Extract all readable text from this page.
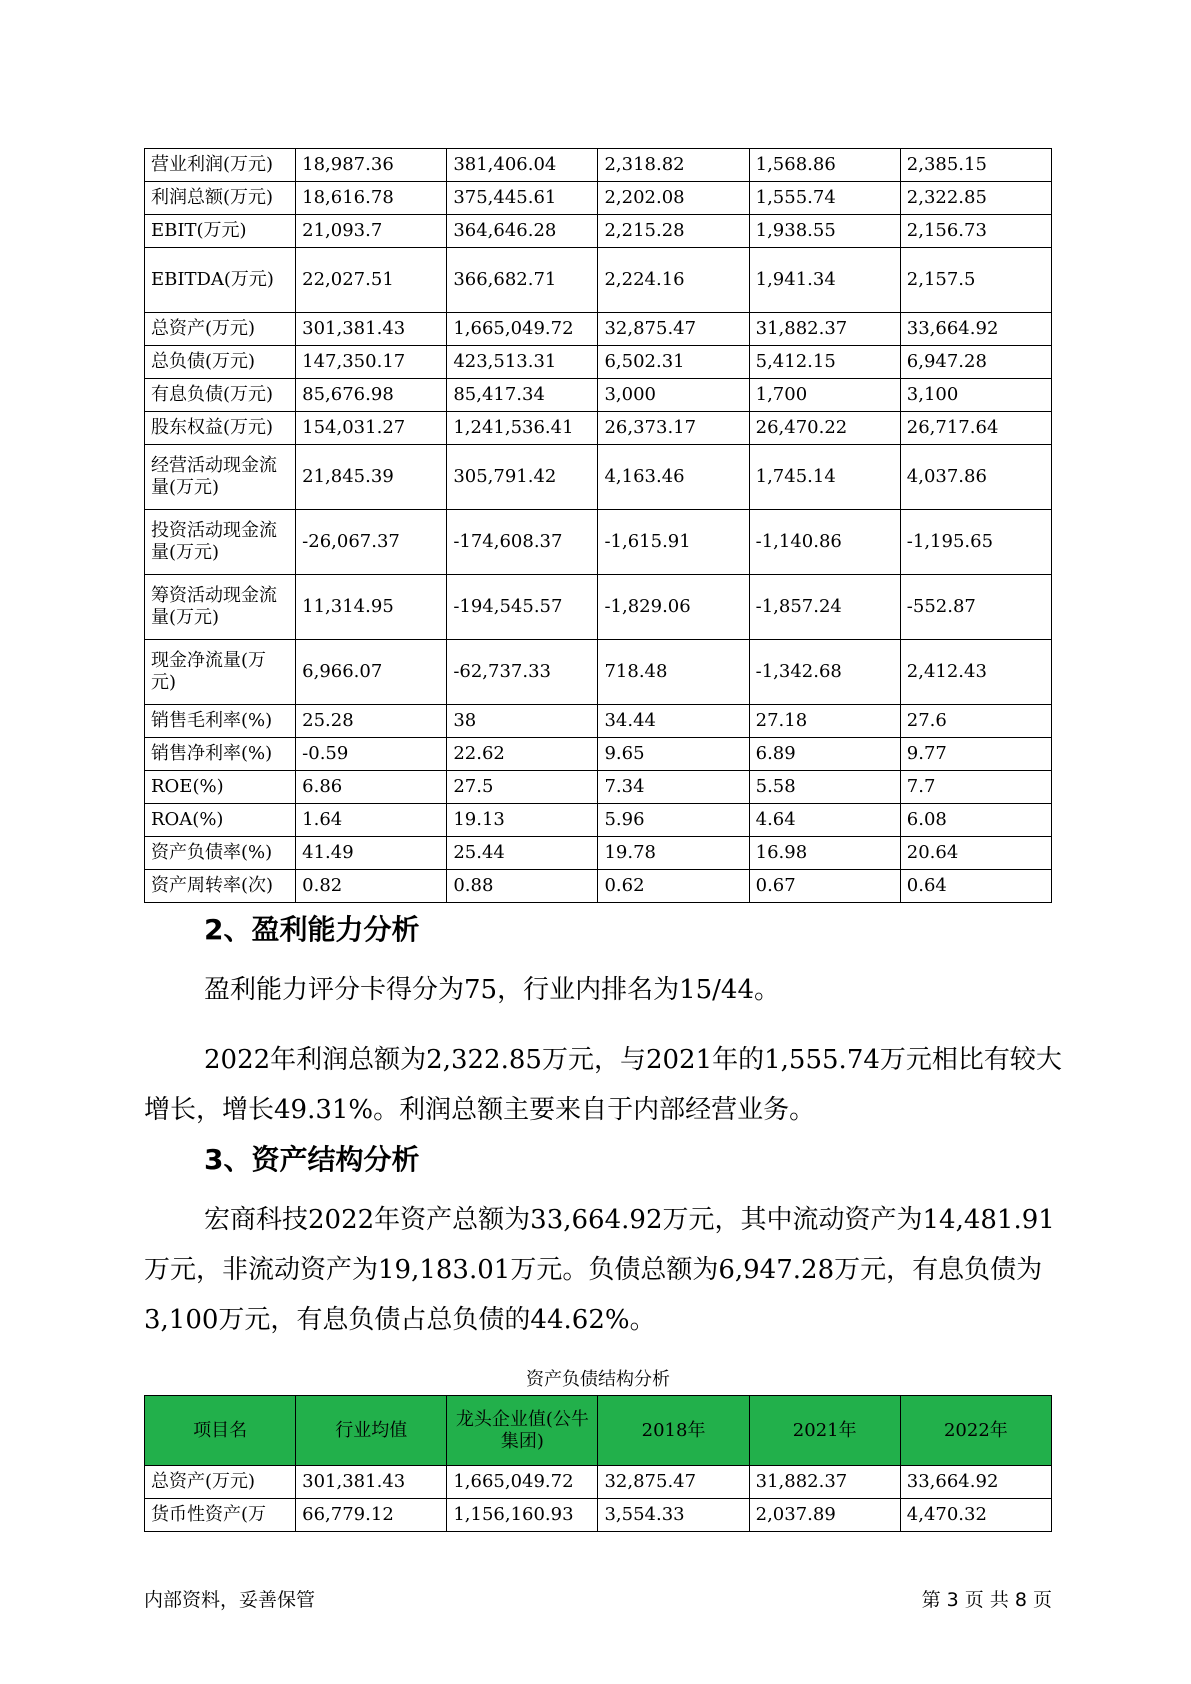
营业利润(万元)	18,987.36	381,406.04	2,318.82	1,568.86	2,385.15
利润总额(万元)	18,616.78	375,445.61	2,202.08	1,555.74	2,322.85
EBIT(万元)	21,093.7	364,646.28	2,215.28	1,938.55	2,156.73
EBITDA(万元)	22,027.51	366,682.71	2,224.16	1,941.34	2,157.5
总资产(万元)	301,381.43	1,665,049.72	32,875.47	31,882.37	33,664.92
总负债(万元)	147,350.17	423,513.31	6,502.31	5,412.15	6,947.28
有息负债(万元)	85,676.98	85,417.34	3,000	1,700	3,100
股东权益(万元)	154,031.27	1,241,536.41	26,373.17	26,470.22	26,717.64
经营活动现金流量(万元)	21,845.39	305,791.42	4,163.46	1,745.14	4,037.86
投资活动现金流量(万元)	-26,067.37	-174,608.37	-1,615.91	-1,140.86	-1,195.65
筹资活动现金流量(万元)	11,314.95	-194,545.57	-1,829.06	-1,857.24	-552.87
现金净流量(万元)	6,966.07	-62,737.33	718.48	-1,342.68	2,412.43
销售毛利率(%)	25.28	38	34.44	27.18	27.6
销售净利率(%)	-0.59	22.62	9.65	6.89	9.77
ROE(%)	6.86	27.5	7.34	5.58	7.7
ROA(%)	1.64	19.13	5.96	4.64	6.08
资产负债率(%)	41.49	25.44	19.78	16.98	20.64
资产周转率(次)	0.82	0.88	0.62	0.67	0.64
2、盈利能力分析

盈利能力评分卡得分为75，行业内排名为15/44。

2022年利润总额为2,322.85万元，与2021年的1,555.74万元相比有较大增长，增长49.31%。利润总额主要来自于内部经营业务。

3、资产结构分析

宏商科技2022年资产总额为33,664.92万元，其中流动资产为14,481.91万元，非流动资产为19,183.01万元。负债总额为6,947.28万元，有息负债为3,100万元，有息负债占总负债的44.62%。

资产负债结构分析
项目名	行业均值	龙头企业值(公牛集团)	2018年	2021年	2022年
总资产(万元)	301,381.43	1,665,049.72	32,875.47	31,882.37	33,664.92
货币性资产(万	66,779.12	1,156,160.93	3,554.33	2,037.89	4,470.32
内部资料，妥善保管	第 3 页 共 8 页
